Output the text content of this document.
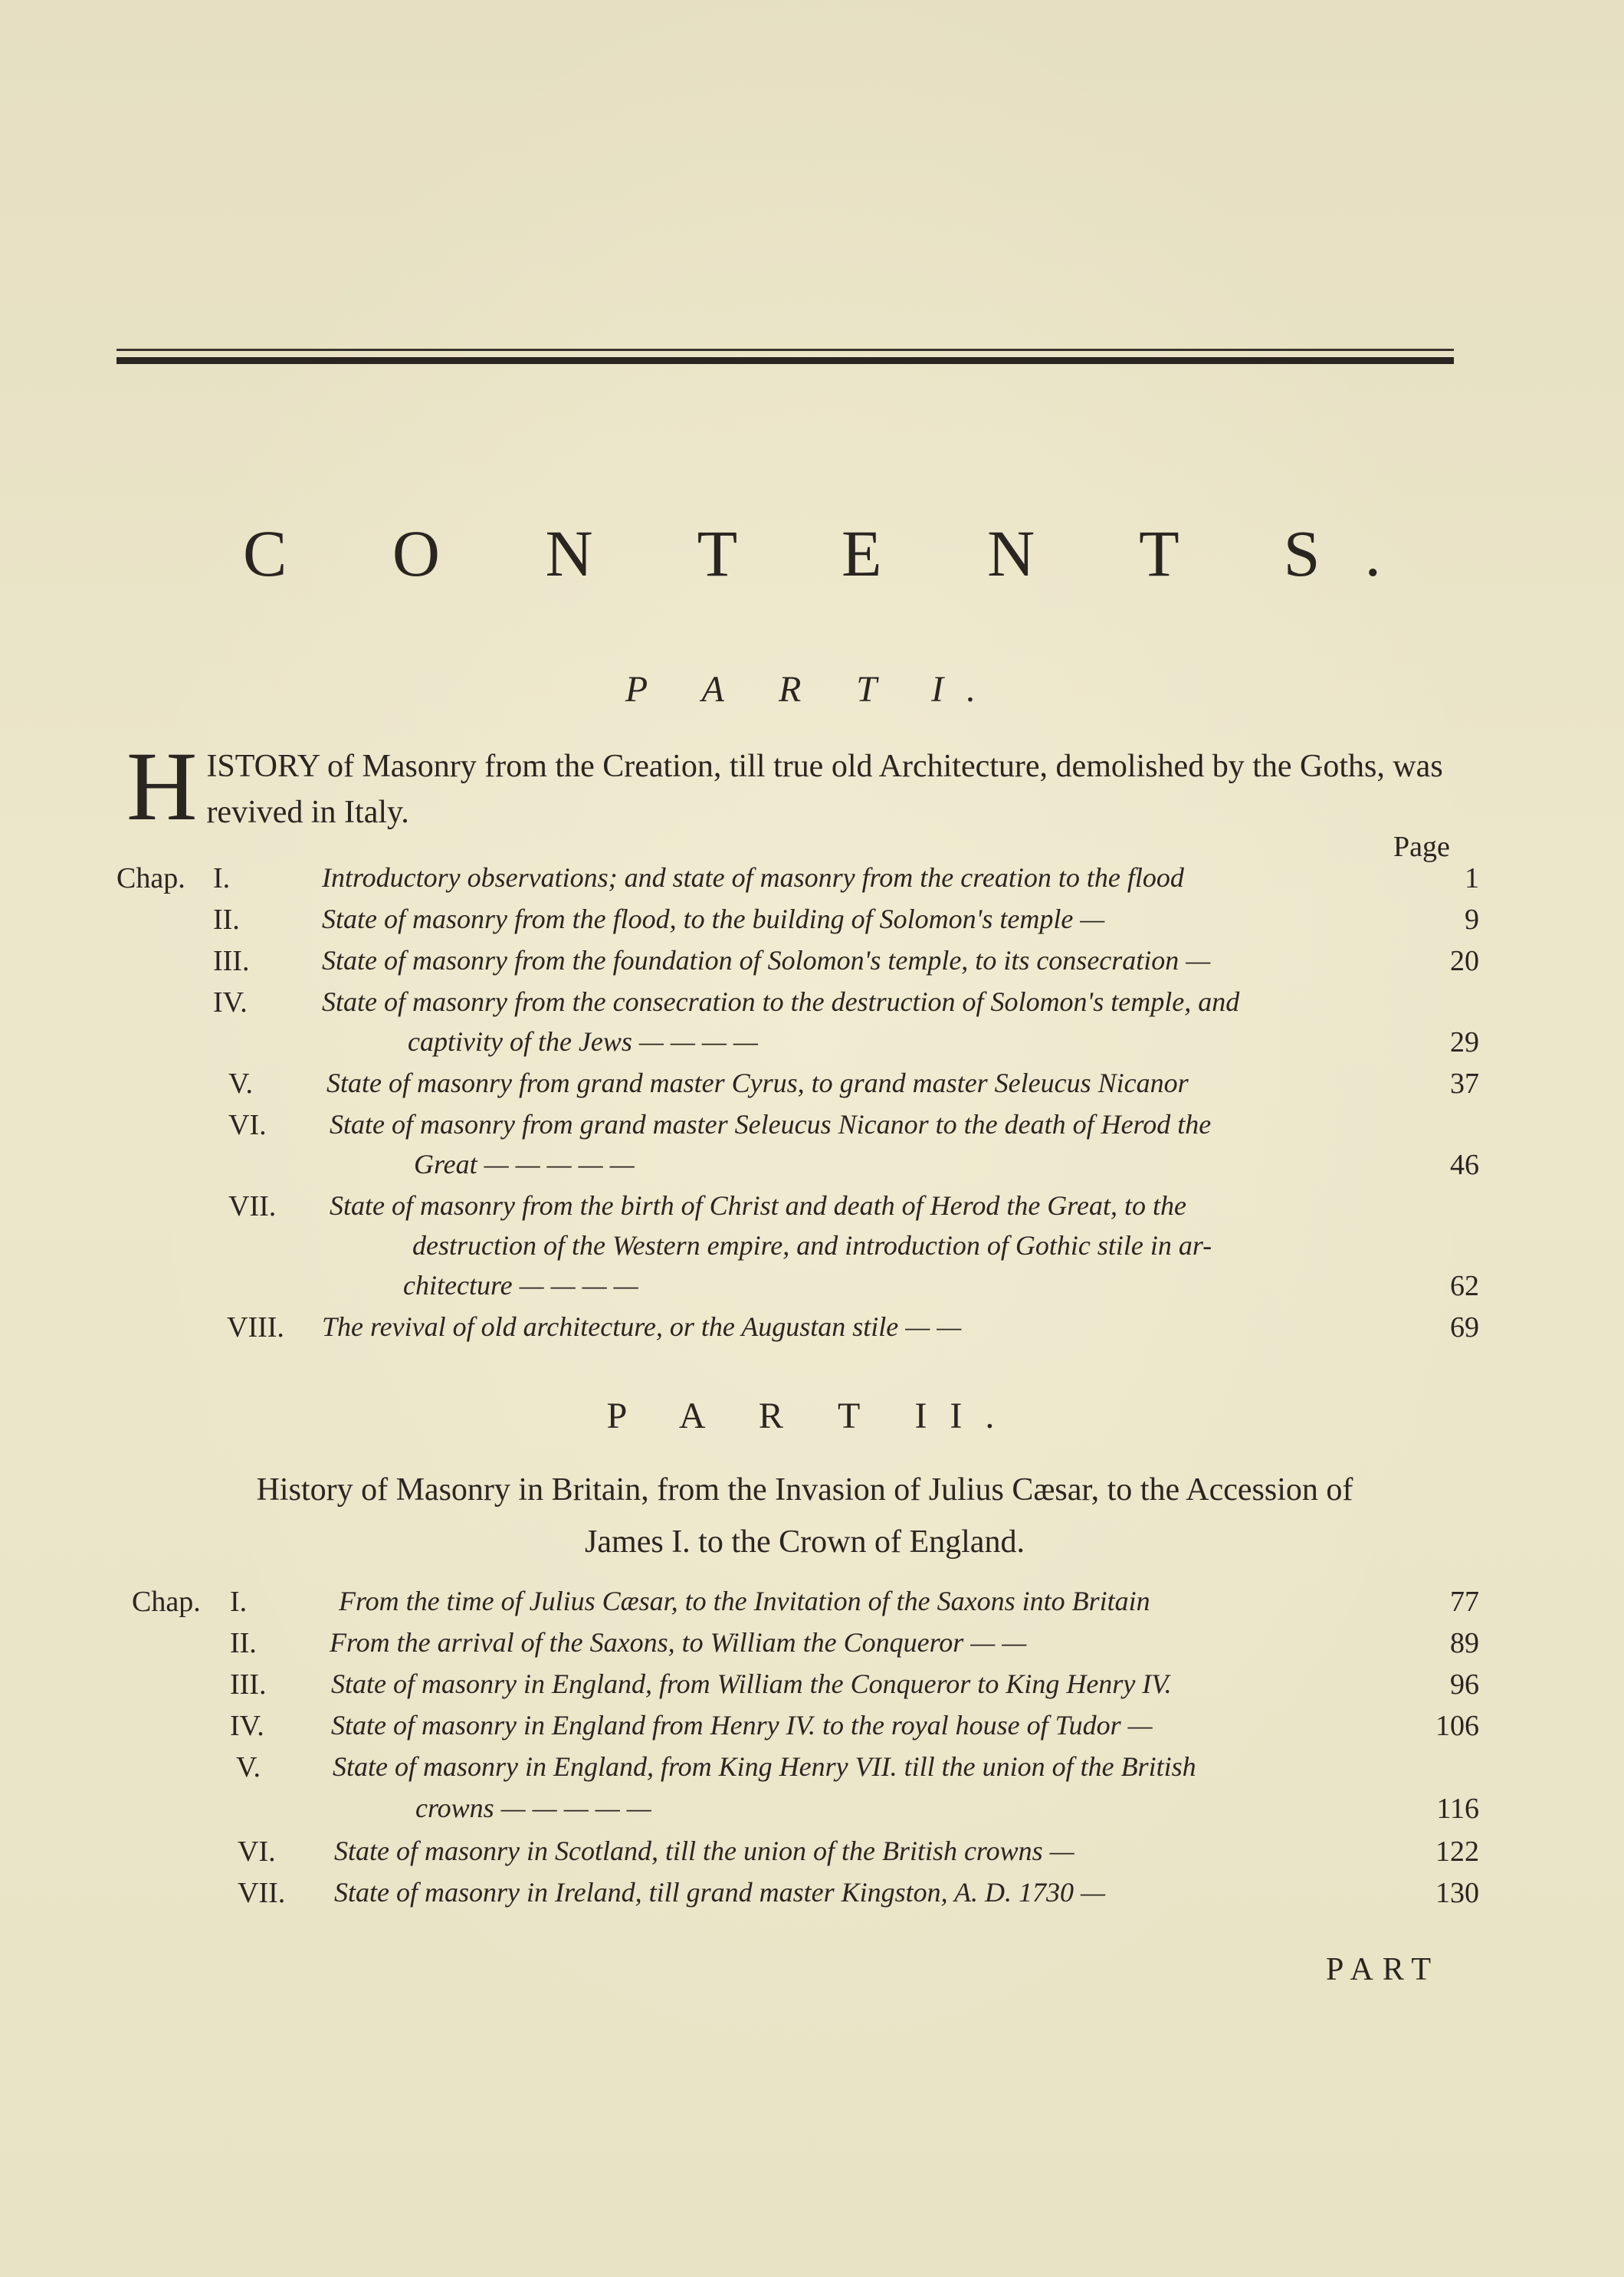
C O N T E N T S.
P A R T I.
H ISTORY of Masonry from the Creation, till true old Architecture, demolished by the Goths, was revived in Italy.
Page
Chap. I.	Introductory observations; and state of masonry from the creation to the flood	1
II.	State of masonry from the flood, to the building of Solomon's temple —	9
III.	State of masonry from the foundation of Solomon's temple, to its consecration —	20
IV.	State of masonry from the consecration to the destruction of Solomon's temple, and
captivity of the Jews — — — —	29
V.	State of masonry from grand master Cyrus, to grand master Seleucus Nicanor	37
VI. State of masonry from grand master Seleucus Nicanor to the death of Herod the
Great — — — — —	46
VII. State of masonry from the birth of Christ and death of Herod the Great, to the
destruction of the Western empire, and introduction of Gothic stile in ar-
chitecture — — — —	62
VIII. The revival of old architecture, or the Augustan stile — —	69
P A R T II.
History of Masonry in Britain, from the Invasion of Julius Cæsar, to the Accession of
James I. to the Crown of England.
Chap.	I.	From the time of Julius Cæsar, to the Invitation of the Saxons into Britain	77
II.	From the arrival of the Saxons, to William the Conqueror — —	89
III. State of masonry in England, from William the Conqueror to King Henry IV.	96
IV. State of masonry in England from Henry IV. to the royal house of Tudor —	106
V.	State of masonry in England, from King Henry VII. till the union of the British
crowns — — — — —	116
VI. State of masonry in Scotland, till the union of the British crowns —	122
VII. State of masonry in Ireland, till grand master Kingston, A. D. 1730 —	130
PART
